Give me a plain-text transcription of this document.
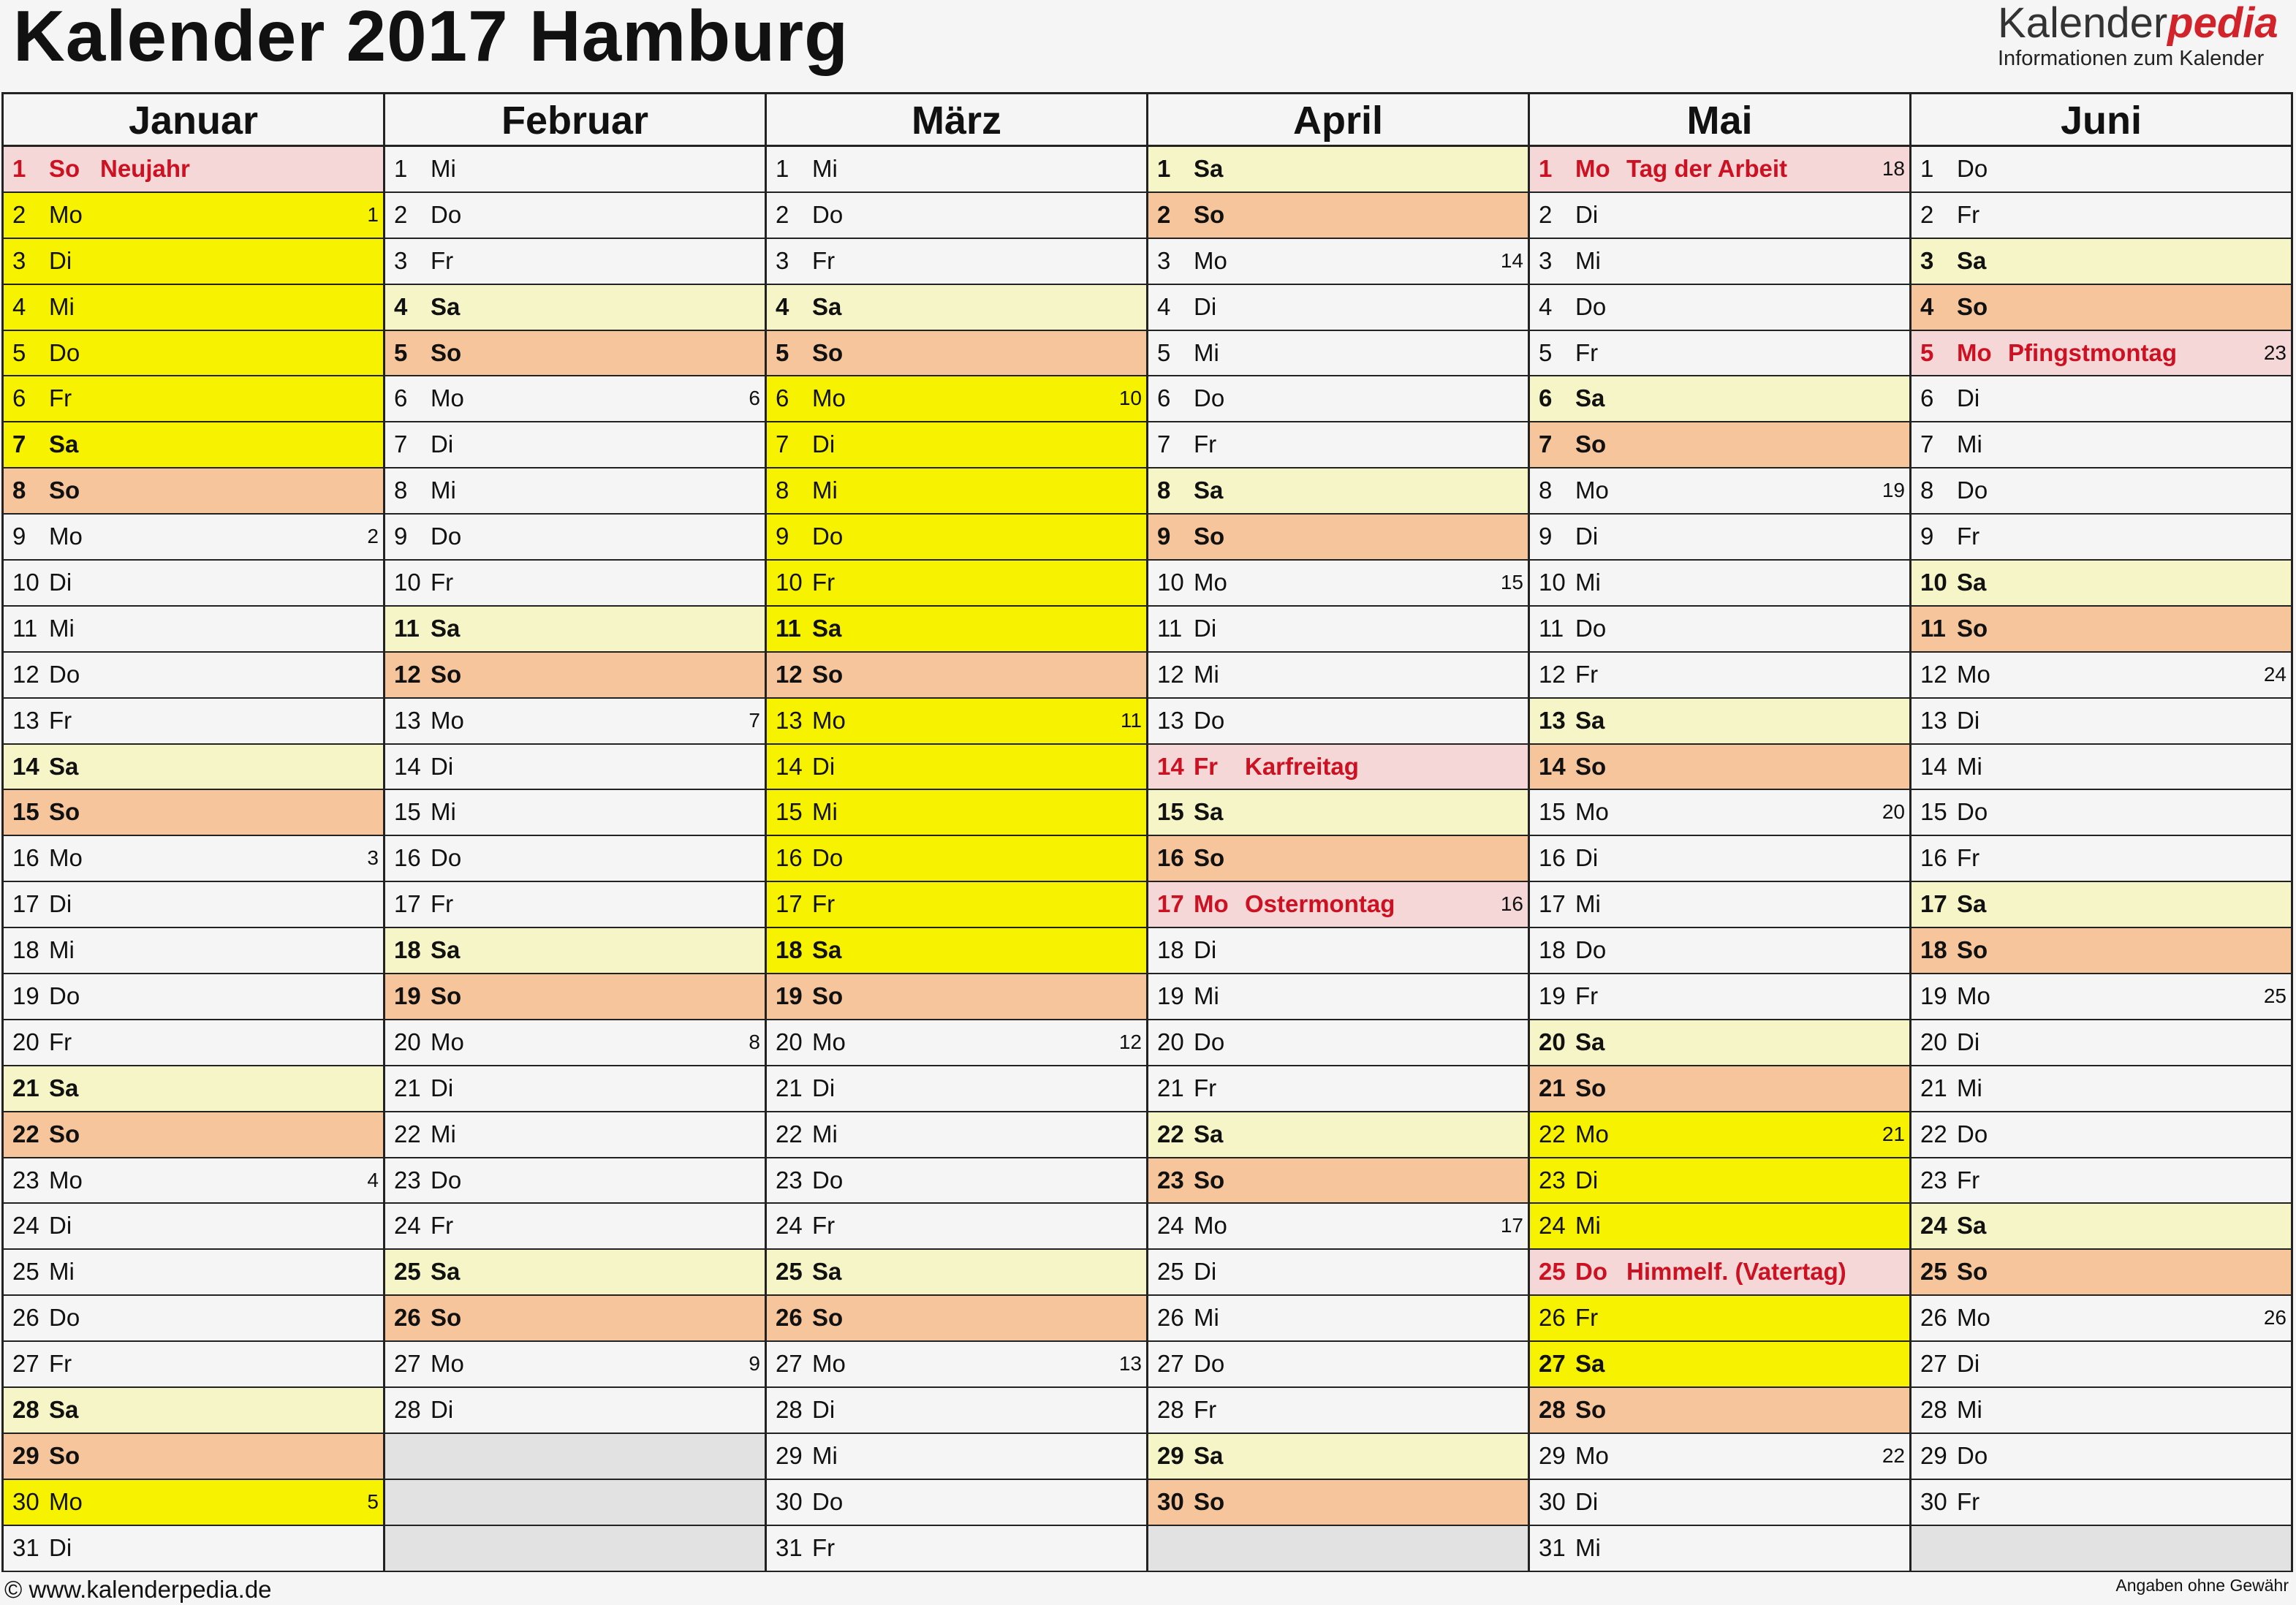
Kalender 2017 Hamburg	Kalenderpedia
Informationen zum Kalender
Januar
1 So Neujahr
2 Mo	1
3 Di
4 Mi
5 Do
6 Fr
7 Sa
8 So
9 Mo	2
10 Di
11 Mi
12 Do
13 Fr
14 Sa
15 So
16 Mo	3
17 Di
18 Mi
19 Do
20 Fr
21 Sa
22 So
23 Mo	4
24 Di
25 Mi
26 Do
27 Fr
28 Sa
29 So
30 Mo	5
31 Di
Februar
1 Mi
2 Do
3 Fr
4 Sa
5 So
6 Mo	6
7 Di
8 Mi
9 Do
10 Fr
11 Sa
12 So
13 Mo	7
14 Di
15 Mi
16 Do
17 Fr
18 Sa
19 So
20 Mo	8
21 Di
22 Mi
23 Do
24 Fr
25 Sa
26 So
27 Mo	9
28 Di
März
1 Mi
2 Do
3 Fr
4 Sa
5 So
6 Mo	10
7 Di
8 Mi
9 Do
10 Fr
11 Sa
12 So
13 Mo	11
14 Di
15 Mi
16 Do
17 Fr
18 Sa
19 So
20 Mo	12
21 Di
22 Mi
23 Do
24 Fr
25 Sa
26 So
27 Mo	13
28 Di
29 Mi
30 Do
31 Fr
April
1 Sa
2 So
3 Mo	14
4 Di
5 Mi
6 Do
7 Fr
8 Sa
9 So
10 Mo	15
11 Di
12 Mi
13 Do
14 Fr Karfreitag
15 Sa
16 So
17 Mo Ostermontag	16
18 Di
19 Mi
20 Do
21 Fr
22 Sa
23 So
24 Mo	17
25 Di
26 Mi
27 Do
28 Fr
29 Sa
30 So
Mai
1 Mo Tag der Arbeit	18
2 Di
3 Mi
4 Do
5 Fr
6 Sa
7 So
8 Mo	19
9 Di
10 Mi
11 Do
12 Fr
13 Sa
14 So
15 Mo	20
16 Di
17 Mi
18 Do
19 Fr
20 Sa
21 So
22 Mo	21
23 Di
24 Mi
25 Do Himmelf. (Vatertag)
26 Fr
27 Sa
28 So
29 Mo	22
30 Di
31 Mi
Juni
1 Do
2 Fr
3 Sa
4 So
5 Mo Pfingstmontag	23
6 Di
7 Mi
8 Do
9 Fr
10 Sa
11 So
12 Mo	24
13 Di
14 Mi
15 Do
16 Fr
17 Sa
18 So
19 Mo	25
20 Di
21 Mi
22 Do
23 Fr
24 Sa
25 So
26 Mo	26
27 Di
28 Mi
29 Do
30 Fr
© www.kalenderpedia.de	Angaben ohne Gewähr
